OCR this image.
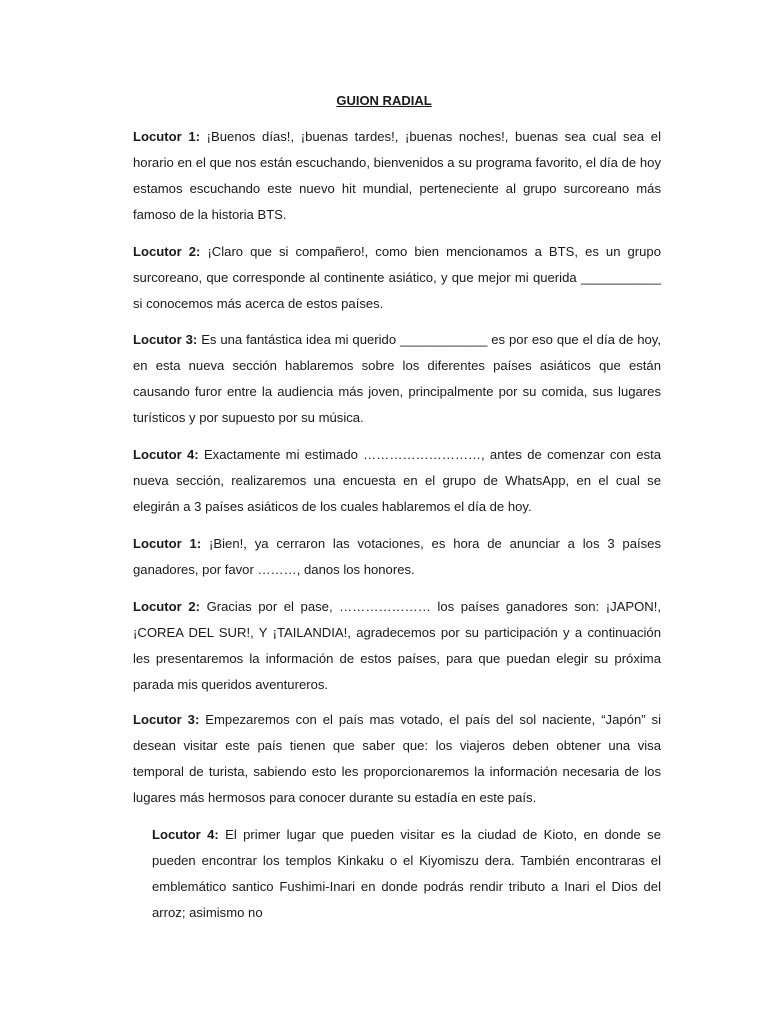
GUION RADIAL

Locutor 1: ¡Buenos días!, ¡buenas tardes!, ¡buenas noches!, buenas sea cual sea el horario en el que nos están escuchando, bienvenidos a su programa favorito, el día de hoy estamos escuchando este nuevo hit mundial, perteneciente al grupo surcoreano más famoso de la historia BTS.

Locutor 2: ¡Claro que si compañero!, como bien mencionamos a BTS, es un grupo surcoreano, que corresponde al continente asiático, y que mejor mi querida ___________ si conocemos más acerca de estos países.

Locutor 3: Es una fantástica idea mi querido ____________ es por eso que el día de hoy, en esta nueva sección hablaremos sobre los diferentes países asiáticos que están causando furor entre la audiencia más joven, principalmente por su comida, sus lugares turísticos y por supuesto por su música.

Locutor 4: Exactamente mi estimado ………………………, antes de comenzar con esta nueva sección, realizaremos una encuesta en el grupo de WhatsApp, en el cual se elegirán a 3 países asiáticos de los cuales hablaremos el día de hoy.

Locutor 1: ¡Bien!, ya cerraron las votaciones, es hora de anunciar a los 3 países ganadores, por favor ………, danos los honores.

Locutor 2: Gracias por el pase, ………………… los países ganadores son: ¡JAPON!, ¡COREA DEL SUR!, Y ¡TAILANDIA!, agradecemos por su participación y a continuación les presentaremos la información de estos países, para que puedan elegir su próxima parada mis queridos aventureros.

Locutor 3: Empezaremos con el país mas votado, el país del sol naciente, “Japón” si desean visitar este país tienen que saber que: los viajeros deben obtener una visa temporal de turista, sabiendo esto les proporcionaremos la información necesaria de los lugares más hermosos para conocer durante su estadía en este país.

Locutor 4: El primer lugar que pueden visitar es la ciudad de Kioto, en donde se pueden encontrar los templos Kinkaku o el Kiyomiszu dera. También encontraras el emblemático santico Fushimi-Inari en donde podrás rendir tributo a Inari el Dios del arroz; asimismo no
